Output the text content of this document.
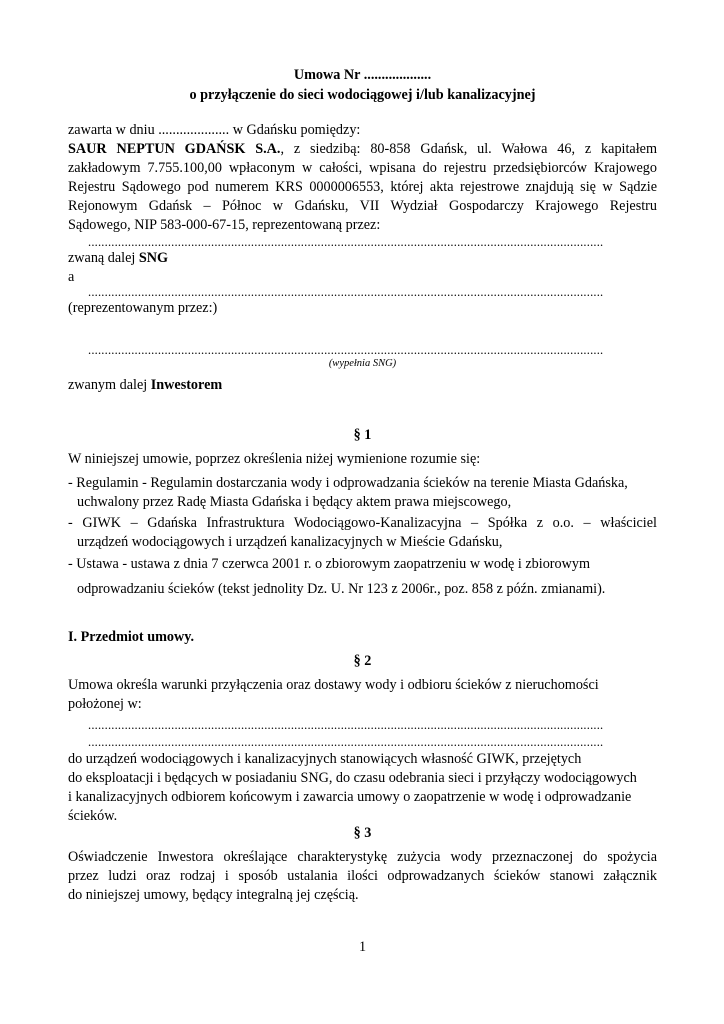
Umowa Nr ...................
o przyłączenie do sieci wodociągowej i/lub kanalizacyjnej
zawarta w dniu .................... w Gdańsku pomiędzy:
SAUR NEPTUN GDAŃSK S.A., z siedzibą: 80-858 Gdańsk, ul. Wałowa 46, z kapitałem
zakładowym 7.755.100,00 wpłaconym w całości, wpisana do rejestru przedsiębiorców Krajowego
Rejestru Sądowego pod numerem KRS 0000006553, której akta rejestrowe znajdują się w Sądzie
Rejonowym Gdańsk – Północ w Gdańsku, VII Wydział Gospodarczy Krajowego Rejestru
Sądowego, NIP 583-000-67-15, reprezentowaną przez:
...........................................................................................................................................................
zwaną dalej SNG
a
...........................................................................................................................................................
(reprezentowanym przez:)
...........................................................................................................................................................
(wypełnia SNG)
zwanym dalej Inwestorem
§ 1
W niniejszej umowie, poprzez określenia niżej wymienione rozumie się:
- Regulamin - Regulamin dostarczania wody i odprowadzania ścieków na terenie Miasta Gdańska,
uchwalony przez Radę Miasta Gdańska i będący aktem prawa miejscowego,
- GIWK – Gdańska Infrastruktura Wodociągowo-Kanalizacyjna – Spółka z o.o. – właściciel
urządzeń wodociągowych i urządzeń kanalizacyjnych w Mieście Gdańsku,
- Ustawa - ustawa z dnia 7 czerwca 2001 r. o zbiorowym zaopatrzeniu w wodę i zbiorowym
odprowadzaniu ścieków (tekst jednolity Dz. U. Nr 123 z 2006r., poz. 858 z późn. zmianami).
I. Przedmiot umowy.
§ 2
Umowa określa warunki przyłączenia oraz dostawy wody i odbioru ścieków z nieruchomości
położonej w:
...........................................................................................................................................................
...........................................................................................................................................................
do urządzeń wodociągowych i kanalizacyjnych stanowiących własność GIWK, przejętych
do eksploatacji i będących w posiadaniu SNG, do czasu odebrania sieci i przyłączy wodociągowych
i kanalizacyjnych odbiorem końcowym i zawarcia umowy o zaopatrzenie w wodę i odprowadzanie
ścieków.
§ 3
Oświadczenie Inwestora określające charakterystykę zużycia wody przeznaczonej do spożycia
przez ludzi oraz rodzaj i sposób ustalania ilości odprowadzanych ścieków stanowi załącznik
do niniejszej umowy, będący integralną jej częścią.
1
